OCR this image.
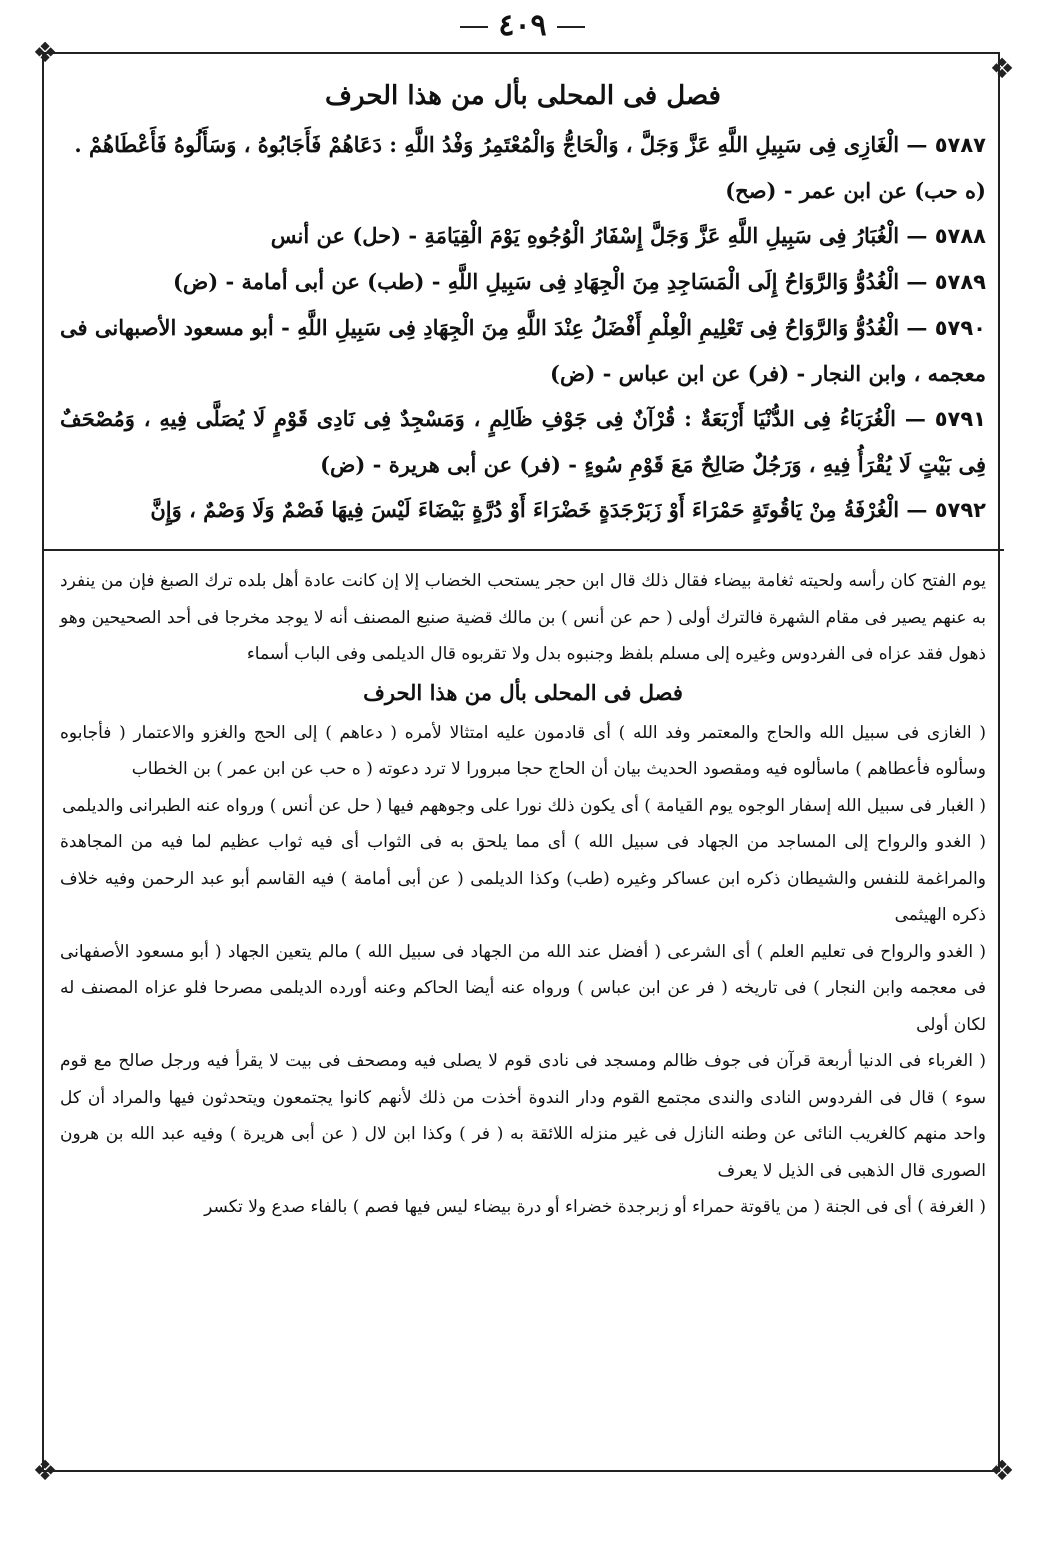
٤٠٩
❖	❖
❖	❖
فصل فى المحلى بأل من هذا الحرف

٥٧٨٧ — الْغَازِى فِى سَبِيلِ اللَّهِ عَزَّ وَجَلَّ ، وَالْحَاجُّ وَالْمُعْتَمِرُ وَفْدُ اللَّهِ : دَعَاهُمْ فَأَجَابُوهُ ، وَسَأَلُوهُ فَأَعْطَاهُمْ .
(ه حب) عن ابن عمر - (صح)

٥٧٨٨ — الْغُبَارُ فِى سَبِيلِ اللَّهِ عَزَّ وَجَلَّ إِسْفَارُ الْوُجُوهِ يَوْمَ الْقِيَامَةِ - (حل) عن أنس

٥٧٨٩ — الْغُدُوُّ وَالرَّوَاحُ إِلَى الْمَسَاجِدِ مِنَ الْجِهَادِ فِى سَبِيلِ اللَّهِ - (طب) عن أبى أمامة - (ض)

٥٧٩٠ — الْغُدُوُّ وَالرَّوَاحُ فِى تَعْلِيمِ الْعِلْمِ أَفْضَلُ عِنْدَ اللَّهِ مِنَ الْجِهَادِ فِى سَبِيلِ اللَّهِ - أبو مسعود الأصبهانى فى معجمه ، وابن النجار - (فر) عن ابن عباس - (ض)

٥٧٩١ — الْغُرَبَاءُ فِى الدُّنْيَا أَرْبَعَةٌ : قُرْآنٌ فِى جَوْفِ ظَالِمٍ ، وَمَسْجِدٌ فِى نَادِى قَوْمٍ لَا يُصَلَّى فِيهِ ، وَمُصْحَفٌ فِى بَيْتٍ لَا يُقْرَأُ فِيهِ ، وَرَجُلٌ صَالِحٌ مَعَ قَوْمِ سُوءٍ - (فر) عن أبى هريرة - (ض)

٥٧٩٢ — الْغُرْفَةُ مِنْ يَاقُوتَةٍ حَمْرَاءَ أَوْ زَبَرْجَدَةٍ خَضْرَاءَ أَوْ دُرَّةٍ بَيْضَاءَ لَيْسَ فِيهَا فَصْمٌ وَلَا وَصْمٌ ، وَإِنَّ

يوم الفتح كان رأسه ولحيته ثغامة بيضاء فقال ذلك قال ابن حجر يستحب الخضاب إلا إن كانت عادة أهل بلده ترك الصبغ فإن من ينفرد به عنهم يصير فى مقام الشهرة فالترك أولى ( حم عن أنس ) بن مالك قضية صنيع المصنف أنه لا يوجد مخرجا فى أحد الصحيحين وهو ذهول فقد عزاه فى الفردوس وغيره إلى مسلم بلفظ وجنبوه بدل ولا تقربوه قال الديلمى وفى الباب أسماء

فصل فى المحلى بأل من هذا الحرف

( الغازى فى سبيل الله والحاج والمعتمر وفد الله ) أى قادمون عليه امتثالا لأمره ( دعاهم ) إلى الحج والغزو والاعتمار ( فأجابوه وسألوه فأعطاهم ) ماسألوه فيه ومقصود الحديث بيان أن الحاج حجا مبرورا لا ترد دعوته ( ه حب عن ابن عمر ) بن الخطاب

( الغبار فى سبيل الله إسفار الوجوه يوم القيامة ) أى يكون ذلك نورا على وجوههم فيها ( حل عن أنس ) ورواه عنه الطبرانى والديلمى

( الغدو والرواح إلى المساجد من الجهاد فى سبيل الله ) أى مما يلحق به فى الثواب أى فيه ثواب عظيم لما فيه من المجاهدة والمراغمة للنفس والشيطان ذكره ابن عساكر وغيره (طب) وكذا الديلمى ( عن أبى أمامة ) فيه القاسم أبو عبد الرحمن وفيه خلاف ذكره الهيثمى

( الغدو والرواح فى تعليم العلم ) أى الشرعى ( أفضل عند الله من الجهاد فى سبيل الله ) مالم يتعين الجهاد ( أبو مسعود الأصفهانى فى معجمه وابن النجار ) فى تاريخه ( فر عن ابن عباس ) ورواه عنه أيضا الحاكم وعنه أورده الديلمى مصرحا فلو عزاه المصنف له لكان أولى

( الغرباء فى الدنيا أربعة قرآن فى جوف ظالم ومسجد فى نادى قوم لا يصلى فيه ومصحف فى بيت لا يقرأ فيه ورجل صالح مع قوم سوء ) قال فى الفردوس النادى والندى مجتمع القوم ودار الندوة أخذت من ذلك لأنهم كانوا يجتمعون ويتحدثون فيها والمراد أن كل واحد منهم كالغريب النائى عن وطنه النازل فى غير منزله اللائقة به ( فر ) وكذا ابن لال ( عن أبى هريرة ) وفيه عبد الله بن هرون الصورى قال الذهبى فى الذيل لا يعرف

( الغرفة ) أى فى الجنة ( من ياقوتة حمراء أو زبرجدة خضراء أو درة بيضاء ليس فيها فصم ) بالفاء صدع ولا تكسر
